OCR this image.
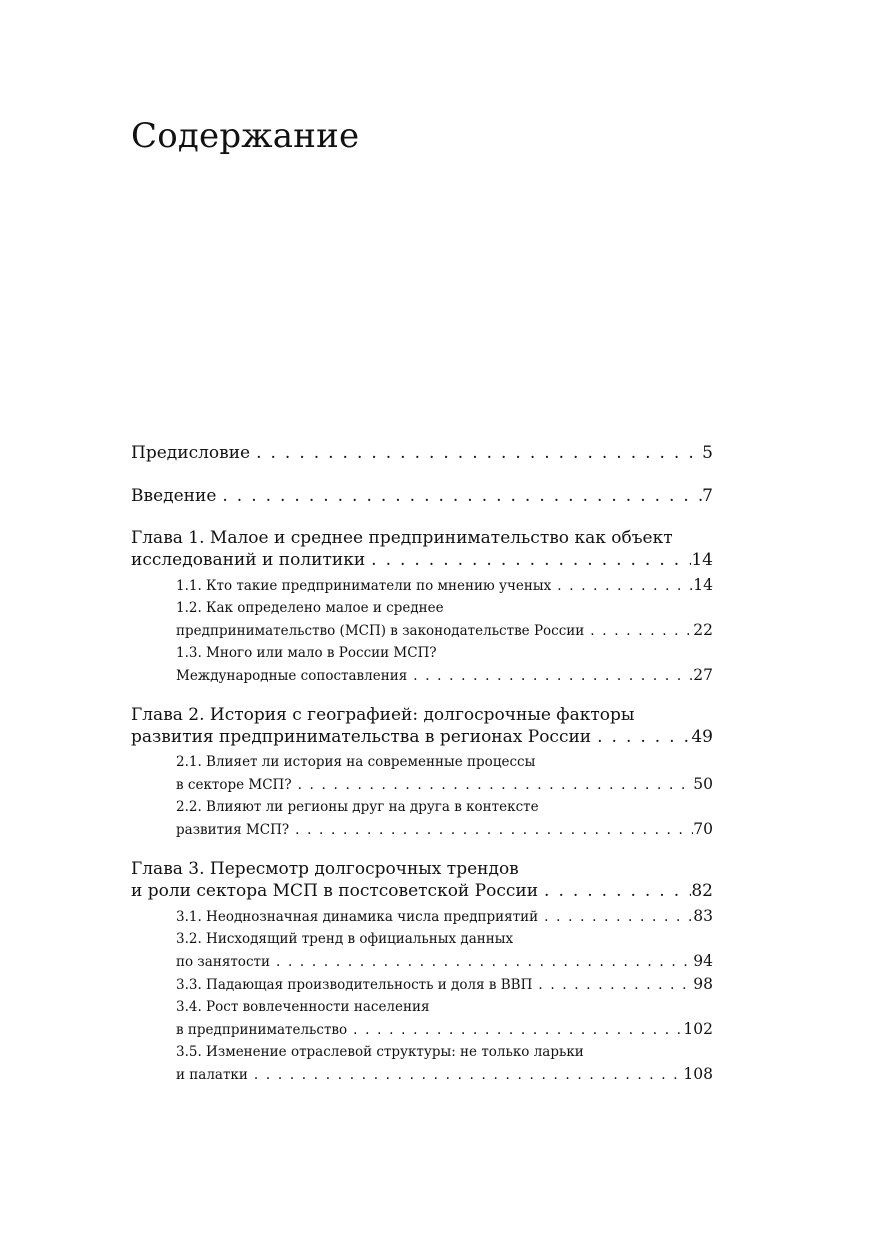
Содержание
Предисловие . . .	5
Введение . . .	7
Глава 1. Малое и среднее предпринимательство как объект
исследований и политики . . .	14
1.1. Кто такие предприниматели по мнению ученых . . .	14
1.2. Как определено малое и среднее
предпринимательство (МСП) в законодательстве России . . .	22
1.3. Много или мало в России МСП?
Международные сопоставления . . .	27
Глава 2. История с географией: долгосрочные факторы
развития предпринимательства в регионах России . . .	49
2.1. Влияет ли история на современные процессы
в секторе МСП? . . .	50
2.2. Влияют ли регионы друг на друга в контексте
развития МСП? . . .	70
Глава 3. Пересмотр долгосрочных трендов
и роли сектора МСП в постсоветской России . . .	82
3.1. Неоднозначная динамика числа предприятий . . .	83
3.2. Нисходящий тренд в официальных данных
по занятости . . .	94
3.3. Падающая производительность и доля в ВВП . . .	98
3.4. Рост вовлеченности населения
в предпринимательство . . .	102
3.5. Изменение отраслевой структуры: не только ларьки
и палатки . . .	108
